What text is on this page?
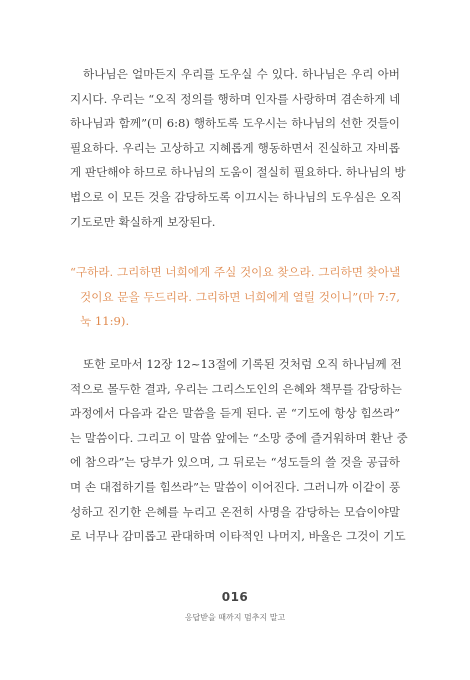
하나님은 얼마든지 우리를 도우실 수 있다. 하나님은 우리 아버
지시다. 우리는 “오직 정의를 행하며 인자를 사랑하며 겸손하게 네
하나님과 함께”(미 6:8) 행하도록 도우시는 하나님의 선한 것들이
필요하다. 우리는 고상하고 지혜롭게 행동하면서 진실하고 자비롭
게 판단해야 하므로 하나님의 도움이 절실히 필요하다. 하나님의 방
법으로 이 모든 것을 감당하도록 이끄시는 하나님의 도우심은 오직
기도로만 확실하게 보장된다.
“구하라. 그리하면 너희에게 주실 것이요 찾으라. 그리하면 찾아낼
것이요 문을 두드리라. 그리하면 너희에게 열릴 것이니”(마 7:7,
눅 11:9).
또한 로마서 12장 12~13절에 기록된 것처럼 오직 하나님께 전
적으로 몰두한 결과, 우리는 그리스도인의 은혜와 책무를 감당하는
과정에서 다음과 같은 말씀을 듣게 된다. 곧 “기도에 항상 힘쓰라”
는 말씀이다. 그리고 이 말씀 앞에는 “소망 중에 즐거워하며 환난 중
에 참으라”는 당부가 있으며, 그 뒤로는 “성도들의 쓸 것을 공급하
며 손 대접하기를 힘쓰라”는 말씀이 이어진다. 그러니까 이같이 풍
성하고 진기한 은혜를 누리고 온전히 사명을 감당하는 모습이야말
로 너무나 감미롭고 관대하며 이타적인 나머지, 바울은 그것이 기도
016
응답받을 때까지 멈추지 말고
